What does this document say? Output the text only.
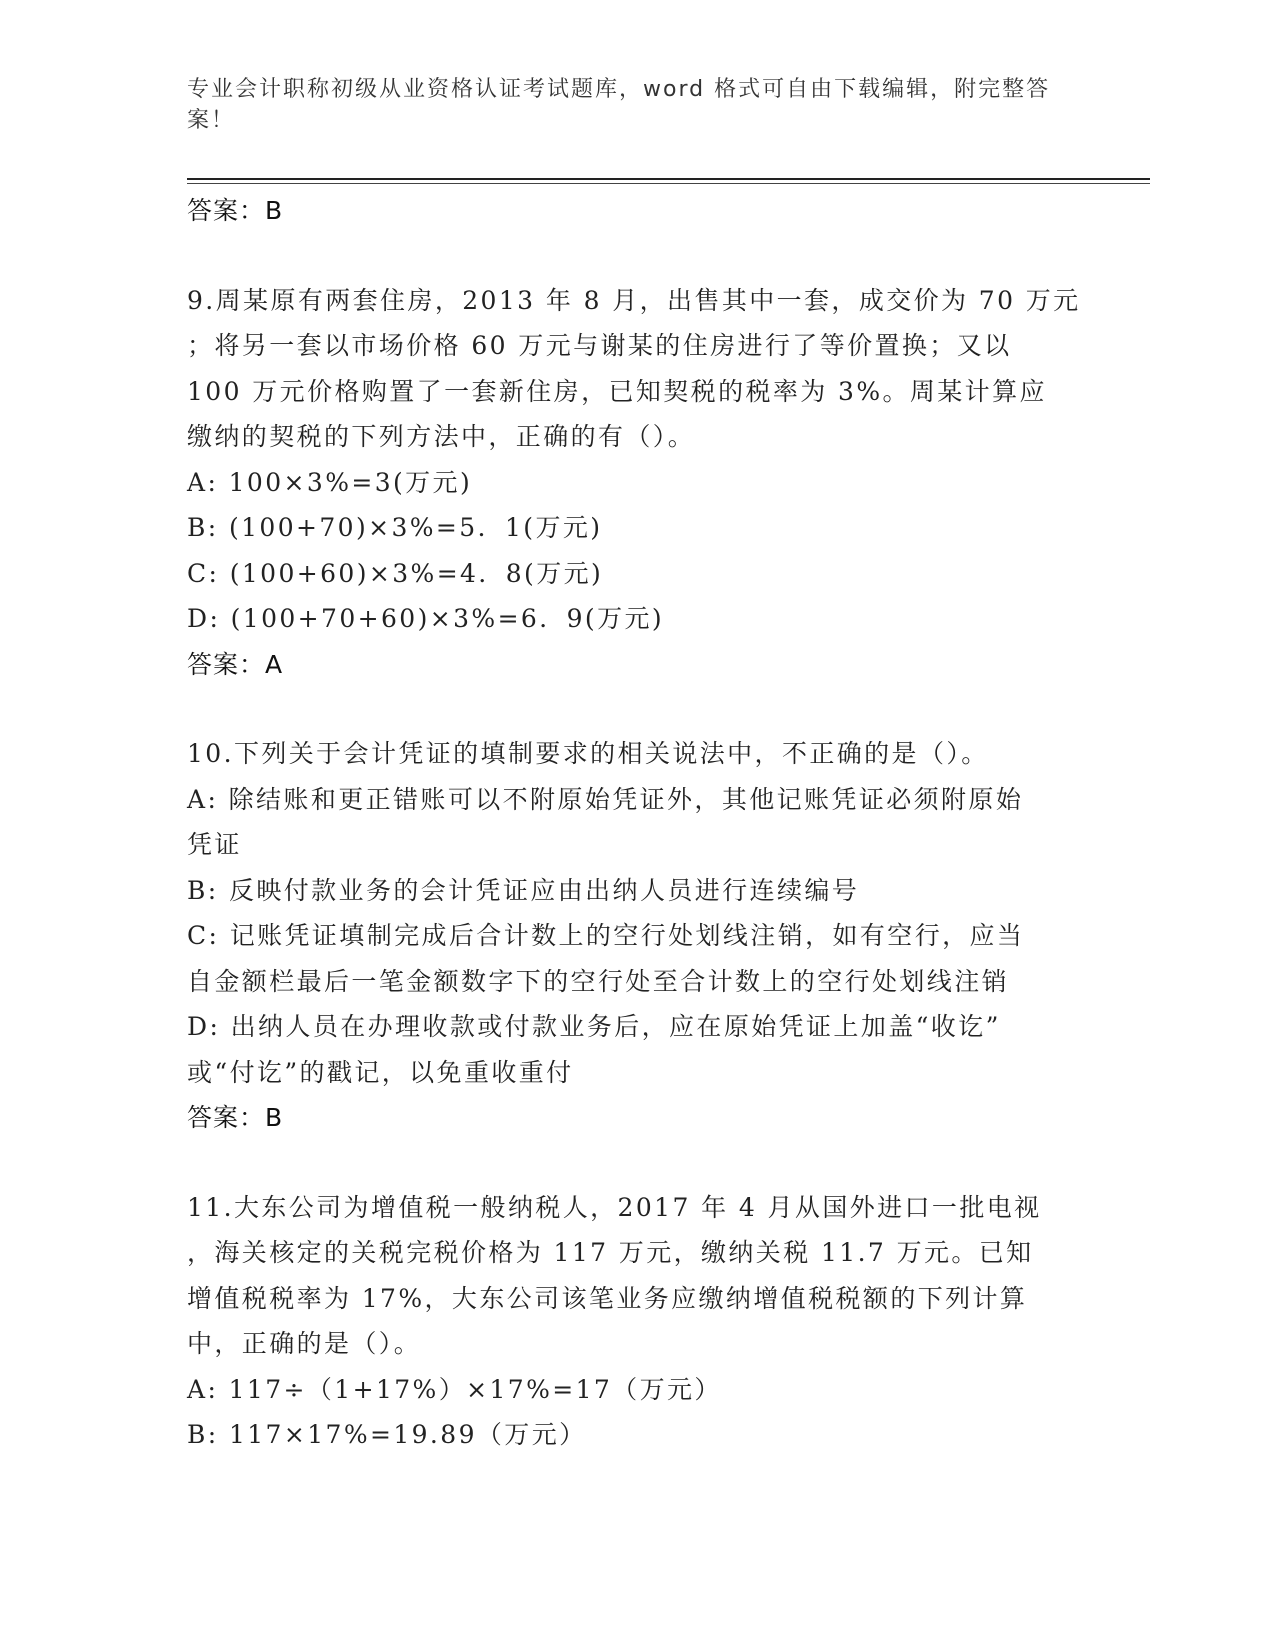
专业会计职称初级从业资格认证考试题库，word 格式可自由下载编辑，附完整答
案！
答案：B
9.周某原有两套住房，2013 年 8 月，出售其中一套，成交价为 70 万元
；将另一套以市场价格 60 万元与谢某的住房进行了等价置换；又以
100 万元价格购置了一套新住房，已知契税的税率为 3%。周某计算应
缴纳的契税的下列方法中，正确的有（）。
A: 100×3%=3(万元)
B: (100+70)×3%=5．1(万元)
C: (100+60)×3%=4．8(万元)
D: (100+70+60)×3%=6．9(万元)
答案：A
10.下列关于会计凭证的填制要求的相关说法中，不正确的是（）。
A: 除结账和更正错账可以不附原始凭证外，其他记账凭证必须附原始
凭证
B: 反映付款业务的会计凭证应由出纳人员进行连续编号
C: 记账凭证填制完成后合计数上的空行处划线注销，如有空行，应当
自金额栏最后一笔金额数字下的空行处至合计数上的空行处划线注销
D: 出纳人员在办理收款或付款业务后，应在原始凭证上加盖“收讫”
或“付讫”的戳记，以免重收重付
答案：B
11.大东公司为增值税一般纳税人，2017 年 4 月从国外进口一批电视
，海关核定的关税完税价格为 117 万元，缴纳关税 11.7 万元。已知
增值税税率为 17%，大东公司该笔业务应缴纳增值税税额的下列计算
中，正确的是（）。
A: 117÷（1+17%）×17%=17（万元）
B: 117×17%=19.89（万元）
